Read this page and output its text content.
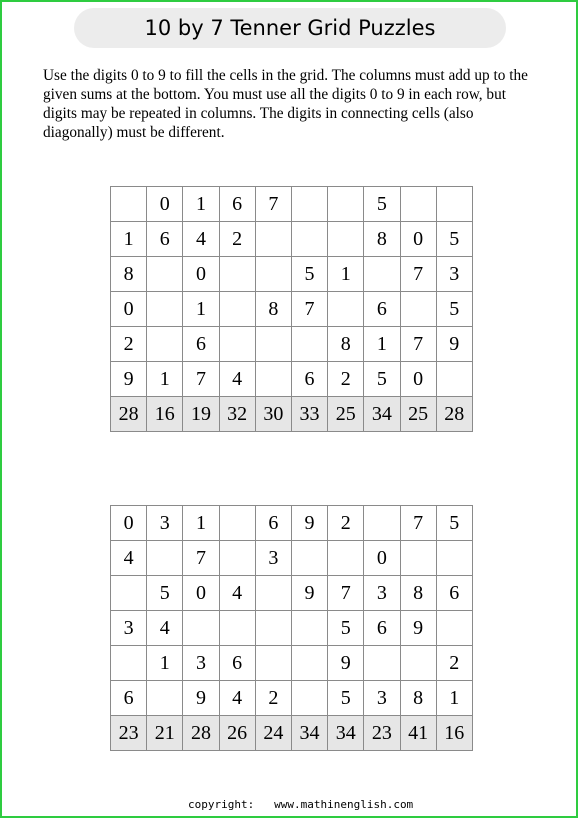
10 by 7 Tenner Grid Puzzles

Use the digits 0 to 9 to fill the cells in the grid. The columns must add up to the given sums at the bottom. You must use all the digits 0 to 9 in each row, but digits may be repeated in columns. The digits in connecting cells (also diagonally) must be different.

	0	1	6	7			5		
1	6	4	2				8	0	5
8		0			5	1		7	3
0		1		8	7		6		5
2		6				8	1	7	9
9	1	7	4		6	2	5	0	
28	16	19	32	30	33	25	34	25	28
0	3	1		6	9	2		7	5
4		7		3			0		
	5	0	4		9	7	3	8	6
3	4					5	6	9	
	1	3	6			9			2
6		9	4	2		5	3	8	1
23	21	28	26	24	34	34	23	41	16
copyright: www.mathinenglish.com
